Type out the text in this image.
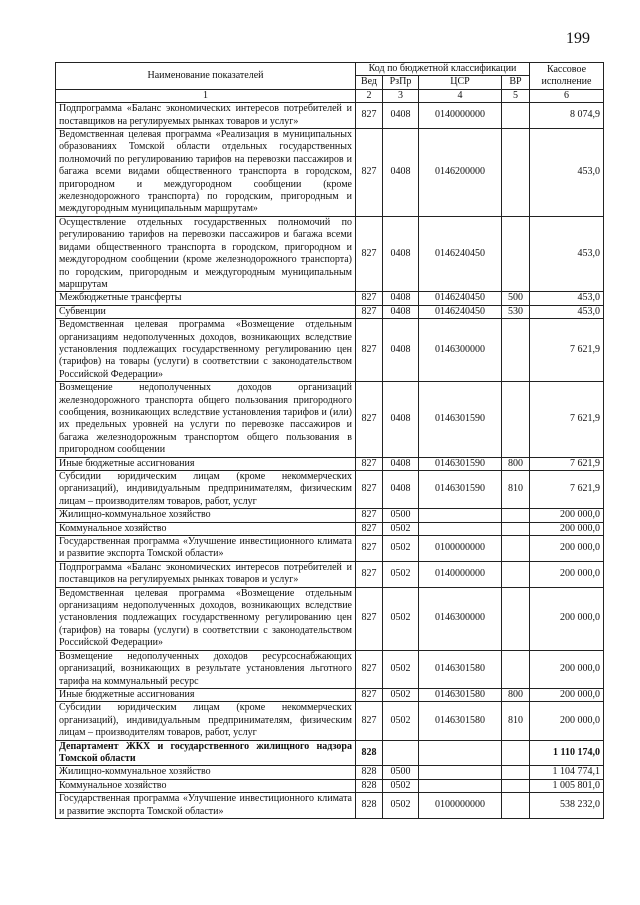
199
Наименование показателей	Код по бюджетной классификации				Кассовое исполнение
	Вед	РзПр	ЦСР	ВР	
1	2	3	4	5	6
Подпрограмма «Баланс экономических интересов потребителей и поставщиков на регулируемых рынках товаров и услуг»	827	0408	0140000000		8 074,9
Ведомственная целевая программа «Реализация в муниципальных образованиях Томской области отдельных государственных полномочий по регулированию тарифов на перевозки пассажиров и багажа всеми видами общественного транспорта в городском, пригородном и междугородном сообщении (кроме железнодорожного транспорта) по городским, пригородным и междугородным муниципальным маршрутам»	827	0408	0146200000		453,0
Осуществление отдельных государственных полномочий по регулированию тарифов на перевозки пассажиров и багажа всеми видами общественного транспорта в городском, пригородном и междугородном сообщении (кроме железнодорожного транспорта) по городским, пригородным и междугородным муниципальным маршрутам	827	0408	0146240450		453,0
Межбюджетные трансферты	827	0408	0146240450	500	453,0
Субвенции	827	0408	0146240450	530	453,0
Ведомственная целевая программа «Возмещение отдельным организациям недополученных доходов, возникающих вследствие установления подлежащих государственному регулированию цен (тарифов) на товары (услуги) в соответствии с законодательством Российской Федерации»	827	0408	0146300000		7 621,9
Возмещение недополученных доходов организаций железнодорожного транспорта общего пользования пригородного сообщения, возникающих вследствие установления тарифов и (или) их предельных уровней на услуги по перевозке пассажиров и багажа железнодорожным транспортом общего пользования в пригородном сообщении	827	0408	0146301590		7 621,9
Иные бюджетные ассигнования	827	0408	0146301590	800	7 621,9
Субсидии юридическим лицам (кроме некоммерческих организаций), индивидуальным предпринимателям, физическим лицам – производителям товаров, работ, услуг	827	0408	0146301590	810	7 621,9
Жилищно-коммунальное хозяйство	827	0500			200 000,0
Коммунальное хозяйство	827	0502			200 000,0
Государственная программа «Улучшение инвестиционного климата и развитие экспорта Томской области»	827	0502	0100000000		200 000,0
Подпрограмма «Баланс экономических интересов потребителей и поставщиков на регулируемых рынках товаров и услуг»	827	0502	0140000000		200 000,0
Ведомственная целевая программа «Возмещение отдельным организациям недополученных доходов, возникающих вследствие установления подлежащих государственному регулированию цен (тарифов) на товары (услуги) в соответствии с законодательством Российской Федерации»	827	0502	0146300000		200 000,0
Возмещение недополученных доходов ресурсоснабжающих организаций, возникающих в результате установления льготного тарифа на коммунальный ресурс	827	0502	0146301580		200 000,0
Иные бюджетные ассигнования	827	0502	0146301580	800	200 000,0
Субсидии юридическим лицам (кроме некоммерческих организаций), индивидуальным предпринимателям, физическим лицам – производителям товаров, работ, услуг	827	0502	0146301580	810	200 000,0
Департамент ЖКХ и государственного жилищного надзора Томской области	828				1 110 174,0
Жилищно-коммунальное хозяйство	828	0500			1 104 774,1
Коммунальное хозяйство	828	0502			1 005 801,0
Государственная программа «Улучшение инвестиционного климата и развитие экспорта Томской области»	828	0502	0100000000		538 232,0
